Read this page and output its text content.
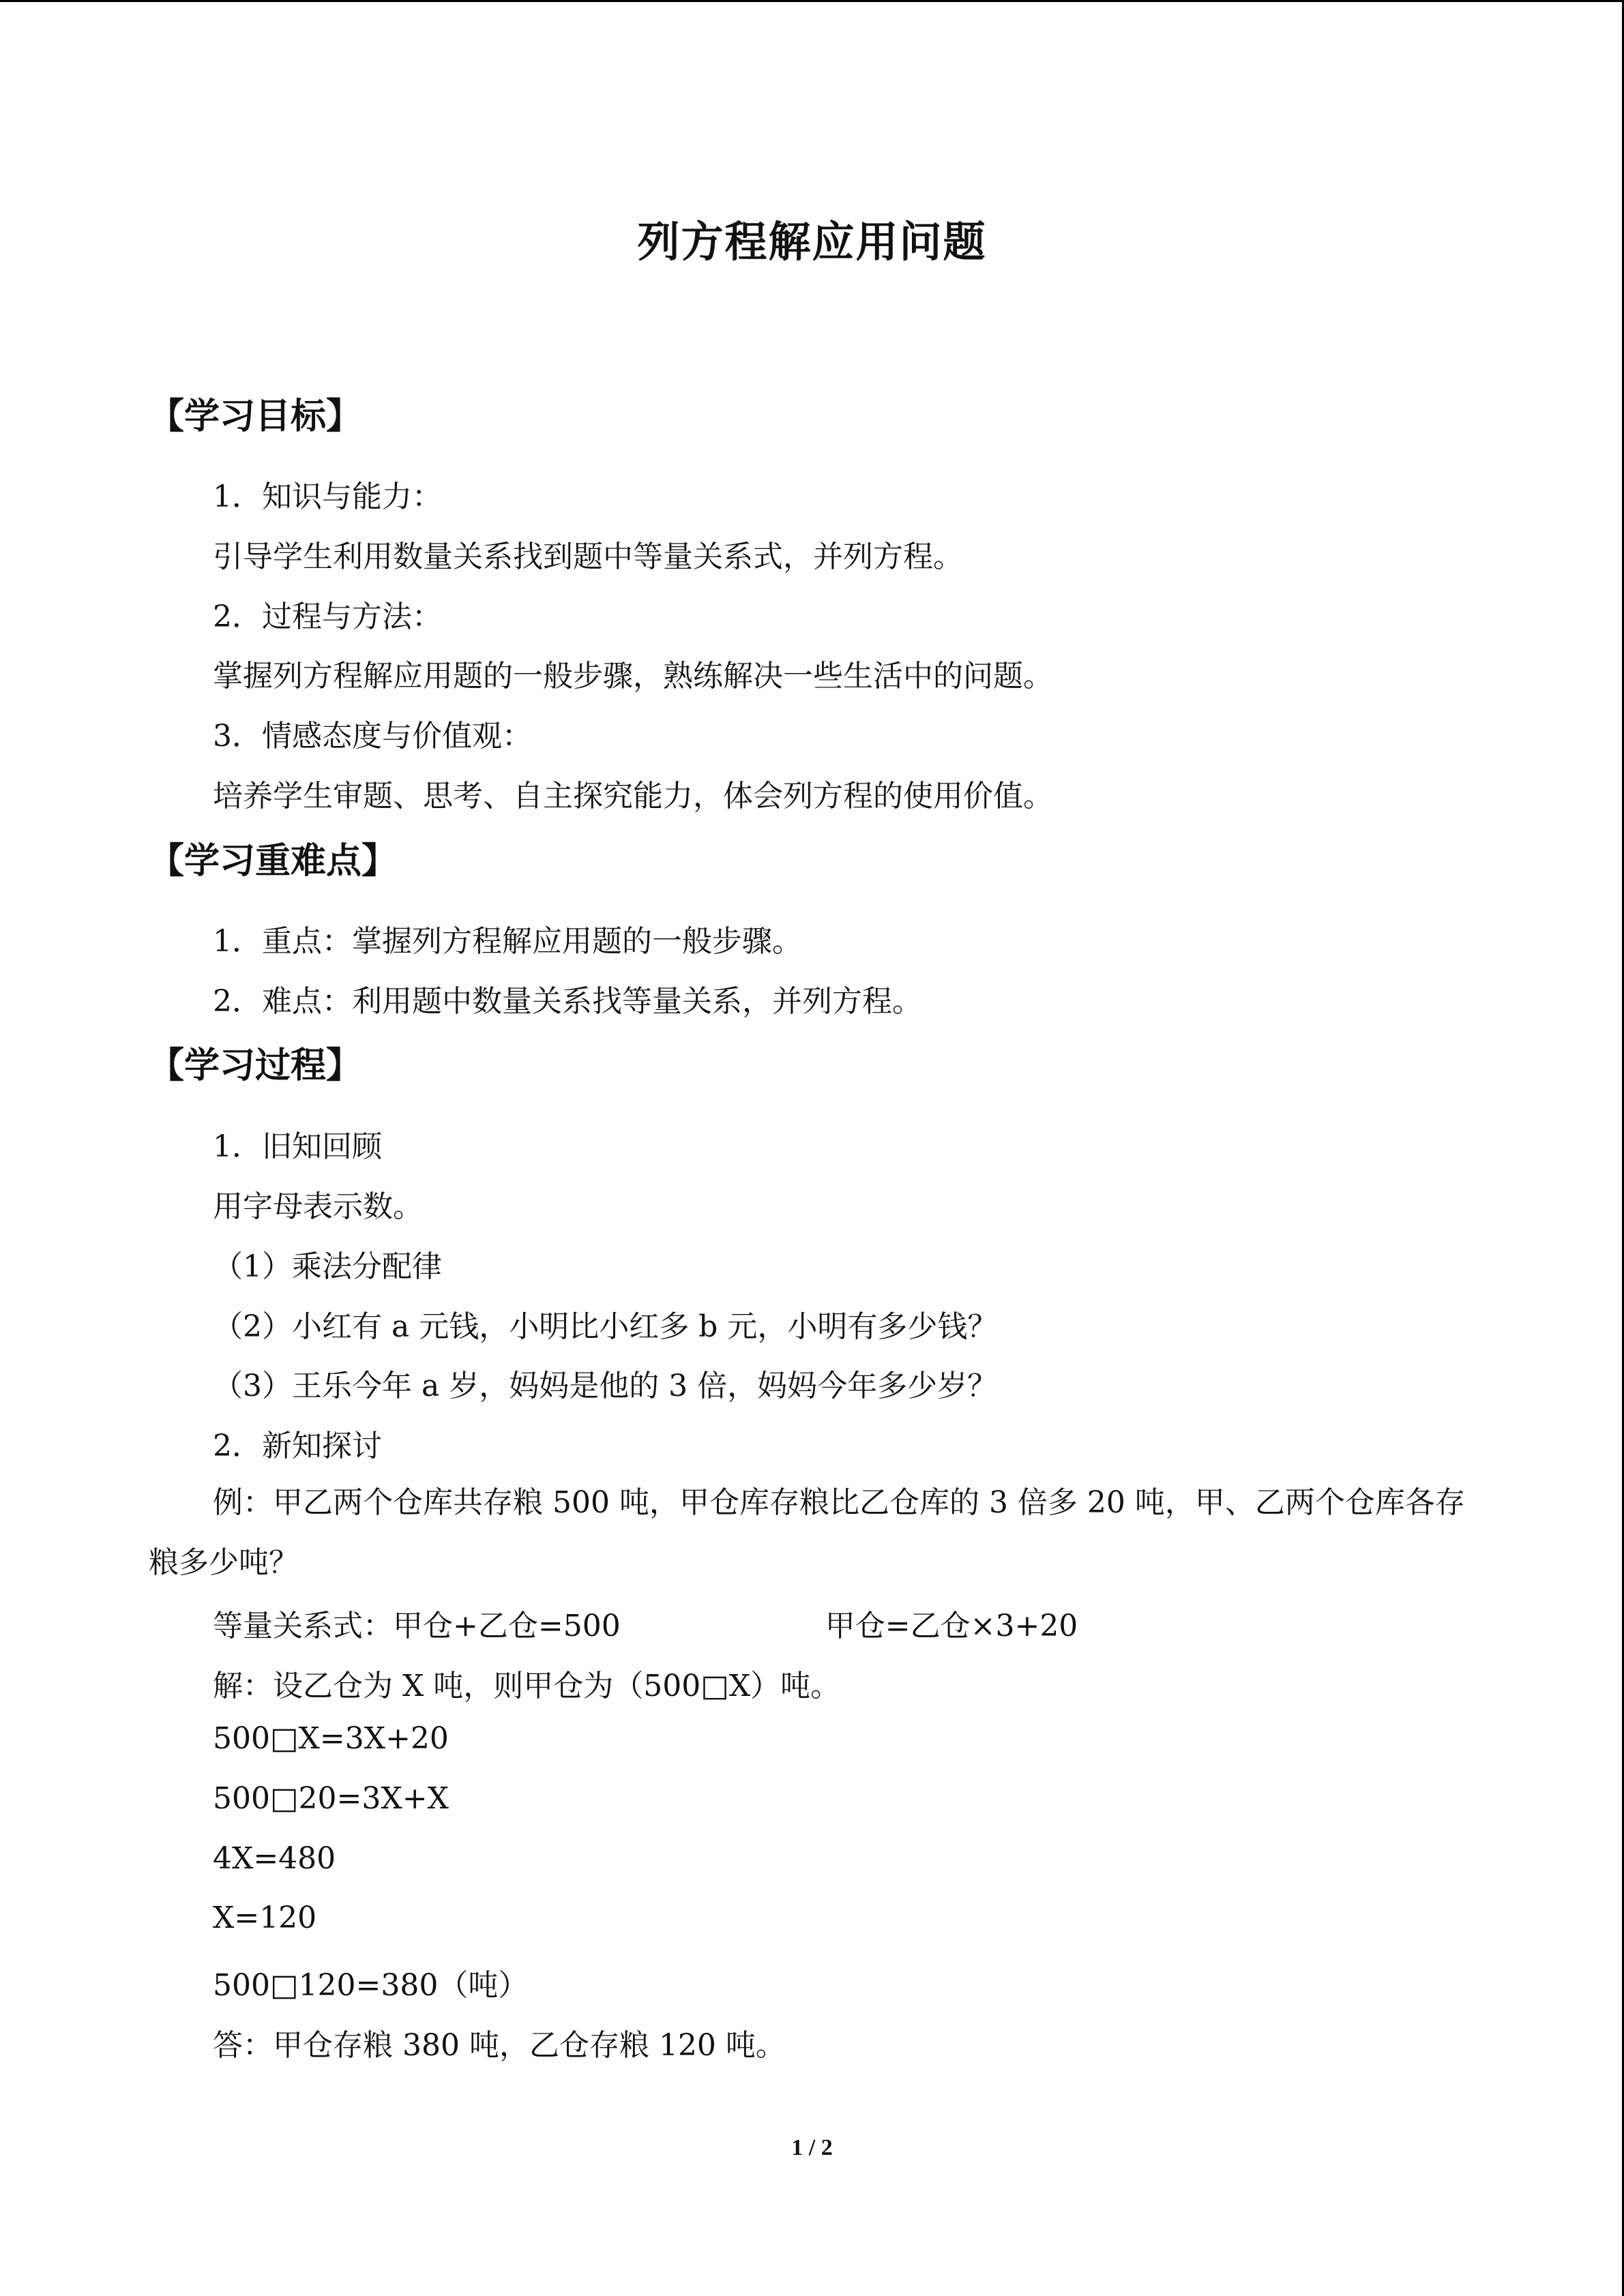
列方程解应用问题
【学习目标】
1．知识与能力：
引导学生利用数量关系找到题中等量关系式，并列方程。
2．过程与方法：
掌握列方程解应用题的一般步骤，熟练解决一些生活中的问题。
3．情感态度与价值观：
培养学生审题、思考、自主探究能力，体会列方程的使用价值。
【学习重难点】
1．重点：掌握列方程解应用题的一般步骤。
2．难点：利用题中数量关系找等量关系，并列方程。
【学习过程】
1．旧知回顾
用字母表示数。
（1）乘法分配律
（2）小红有 a 元钱，小明比小红多 b 元，小明有多少钱？
（3）王乐今年 a 岁，妈妈是他的 3 倍，妈妈今年多少岁？
2．新知探讨
例：甲乙两个仓库共存粮 500 吨，甲仓库存粮比乙仓库的 3 倍多 20 吨，甲、乙两个仓库各存粮多少吨？
等量关系式：甲仓+乙仓=500	甲仓=乙仓×3+20
解：设乙仓为 X 吨，则甲仓为（500□X）吨。
500□X=3X+20
500□20=3X+X
4X=480
X=120
500□120=380（吨）
答：甲仓存粮 380 吨，乙仓存粮 120 吨。
1 / 2
